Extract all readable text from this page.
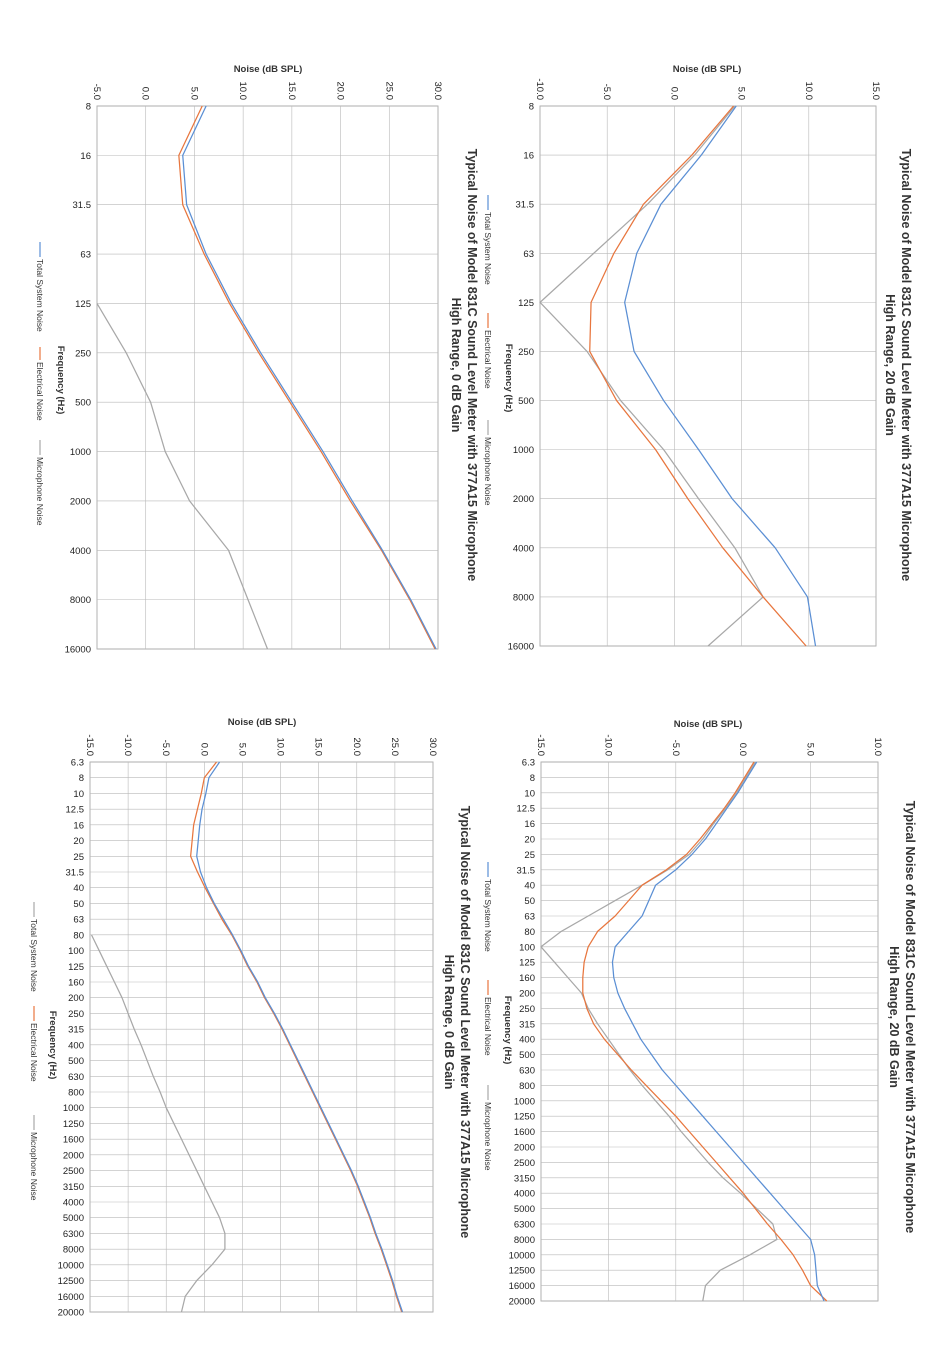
Typical Noise of Model 831C Sound Level Meter with 377A15 Microphone
High Range, 20 dB Gain
Noise (dB SPL)
Frequency (Hz)
Total System Noise
Electrical Noise
Microphone Noise
Typical Noise of Model 831C Sound Level Meter with 377A15 Microphone
High Range, 0 dB Gain
Noise (dB SPL)
Frequency (Hz)
Total System Noise
Electrical Noise
Microphone Noise
Typical Noise of Model 831C Sound Level Meter with 377A15 Microphone
High Range, 20 dB Gain
Noise (dB SPL)
Frequency (Hz)
Total System Noise
Electrical Noise
Microphone Noise
Typical Noise of Model 831C Sound Level Meter with 377A15 Microphone
High Range, 0 dB Gain
Noise (dB SPL)
Frequency (Hz)
Total System Noise
Electrical Noise
Microphone Noise
8
16
31.5
63
125
250
500
1000
2000
4000
8000
16000
-10.0	-5.0	0.0	5.0	10.0	15.0
8
16
31.5
63
125
250
500
1000
2000
4000
8000
16000
-5.0	0.0	5.0	10.0	15.0	20.0	25.0	30.0
6.3
8
10
12.5
16
20
25
31.5
40
50
63
80
100
125
160
200
250
315
400
500
630
800
1000
1250
1600
2000
2500
3150
4000
5000
6300
8000
10000
12500
16000
20000
-15.0	-10.0	-5.0	0.0	5.0	10.0
6.3
8
10
12.5
16
20
25
31.5
40
50
63
80
100
125
160
200
250
315
400
500
630
800
1000
1250
1600
2000
2500
3150
4000
5000
6300
8000
10000
12500
16000
20000
-15.0	-10.0	-5.0	0.0	5.0	10.0	15.0	20.0	25.0	30.0
